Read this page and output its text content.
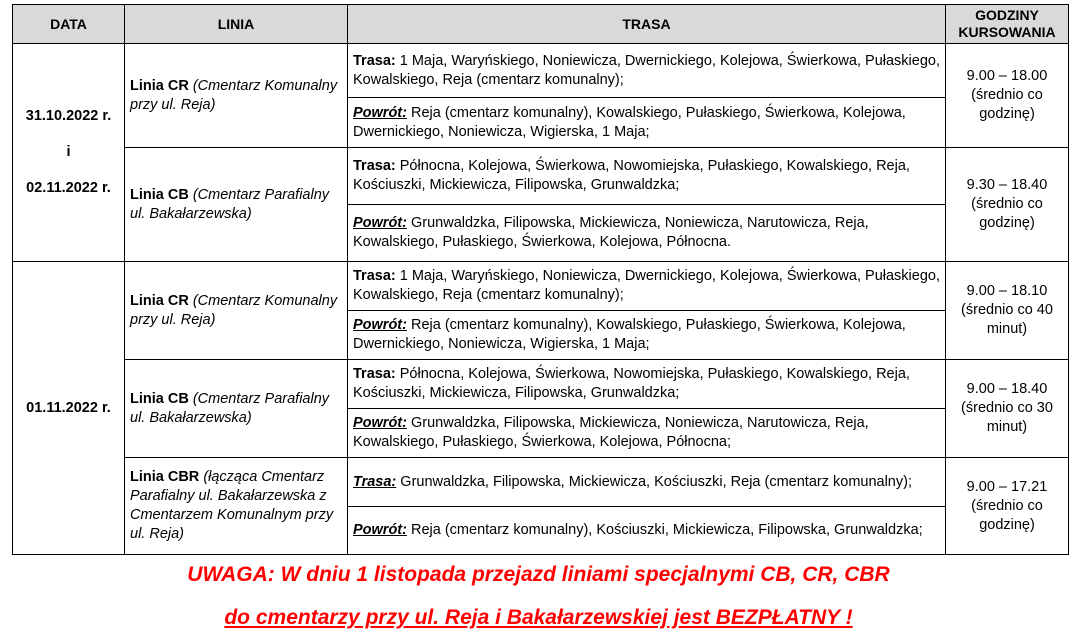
DATA	LINIA	TRASA	GODZINY
KURSOWANIA
31.10.2022 r.
i
02.11.2022 r.	Linia CR (Cmentarz Komunalny przy ul. Reja)	Trasa: 1 Maja, Waryńskiego, Noniewicza, Dwernickiego, Kolejowa, Świerkowa, Pułaskiego, Kowalskiego, Reja (cmentarz komunalny);	9.00 – 18.00
(średnio co godzinę)
		Powrót: Reja (cmentarz komunalny), Kowalskiego, Pułaskiego, Świerkowa, Kolejowa, Dwernickiego, Noniewicza, Wigierska, 1 Maja;	
	Linia CB (Cmentarz Parafialny ul. Bakałarzewska)	Trasa: Północna, Kolejowa, Świerkowa, Nowomiejska, Pułaskiego, Kowalskiego, Reja, Kościuszki, Mickiewicza, Filipowska, Grunwaldzka;	9.30 – 18.40
(średnio co godzinę)
		Powrót: Grunwaldzka, Filipowska, Mickiewicza, Noniewicza, Narutowicza, Reja, Kowalskiego, Pułaskiego, Świerkowa, Kolejowa, Północna.	
01.11.2022 r.	Linia CR (Cmentarz Komunalny przy ul. Reja)	Trasa: 1 Maja, Waryńskiego, Noniewicza, Dwernickiego, Kolejowa, Świerkowa, Pułaskiego, Kowalskiego, Reja (cmentarz komunalny);	9.00 – 18.10
(średnio co 40 minut)
		Powrót: Reja (cmentarz komunalny), Kowalskiego, Pułaskiego, Świerkowa, Kolejowa, Dwernickiego, Noniewicza, Wigierska, 1 Maja;	
	Linia CB (Cmentarz Parafialny ul. Bakałarzewska)	Trasa: Północna, Kolejowa, Świerkowa, Nowomiejska, Pułaskiego, Kowalskiego, Reja, Kościuszki, Mickiewicza, Filipowska, Grunwaldzka;	9.00 – 18.40
(średnio co 30 minut)
		Powrót: Grunwaldzka, Filipowska, Mickiewicza, Noniewicza, Narutowicza, Reja, Kowalskiego, Pułaskiego, Świerkowa, Kolejowa, Północna;	
	Linia CBR (łącząca Cmentarz Parafialny ul. Bakałarzewska z Cmentarzem Komunalnym przy ul. Reja)	Trasa: Grunwaldzka, Filipowska, Mickiewicza, Kościuszki, Reja (cmentarz komunalny);	9.00 – 17.21
(średnio co godzinę)
		Powrót: Reja (cmentarz komunalny), Kościuszki, Mickiewicza, Filipowska, Grunwaldzka;	
UWAGA: W dniu 1 listopada przejazd liniami specjalnymi CB, CR, CBR
do cmentarzy przy ul. Reja i Bakałarzewskiej jest BEZPŁATNY !
